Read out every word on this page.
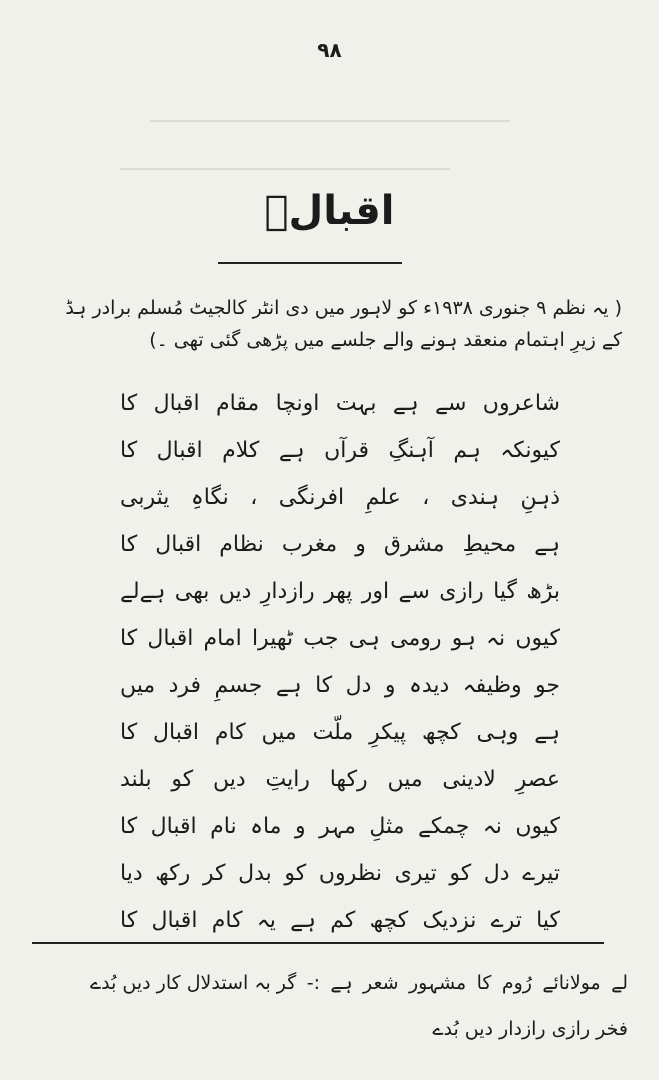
۹۸
اقبالؒ
( یہ نظم ۹ جنوری ۱۹۳۸ء کو لاہور میں دی انٹر کالجیٹ مُسلم برادر ہڈ کے زیرِ اہتمام منعقد ہونے والے جلسے میں پڑھی گئی تھی ۔)
شاعروں سے ہے بہت اونچا مقام اقبال کا
کیونکہ ہم آہنگِ قرآں ہے کلام اقبال کا
ذہنِ ہندی ، علمِ افرنگی ، نگاہِ یثربی
ہے محیطِ مشرق و مغرب نظام اقبال کا
بڑھ گیا رازی سے اور پھر رازدارِ دیں بھی ہےلے
کیوں نہ ہو رومی ہی جب ٹھیرا امام اقبال کا
جو وظیفہ دیدہ و دل کا ہے جسمِ فرد میں
ہے وہی کچھ پیکرِ ملّت میں کام اقبال کا
عصرِ لادینی میں رکھا رایتِ دیں کو بلند
کیوں نہ چمکے مثلِ مہر و ماہ نام اقبال کا
تیرے دل کو تیری نظروں کو بدل کر رکھ دیا
کیا ترے نزدیک کچھ کم ہے یہ کام اقبال کا
لے مولانائے رُوم کا مشہور شعر ہے :- گر بہ استدلال کارِ دیں بُدے
فخرِ رازی رازدارِ دیں بُدے
